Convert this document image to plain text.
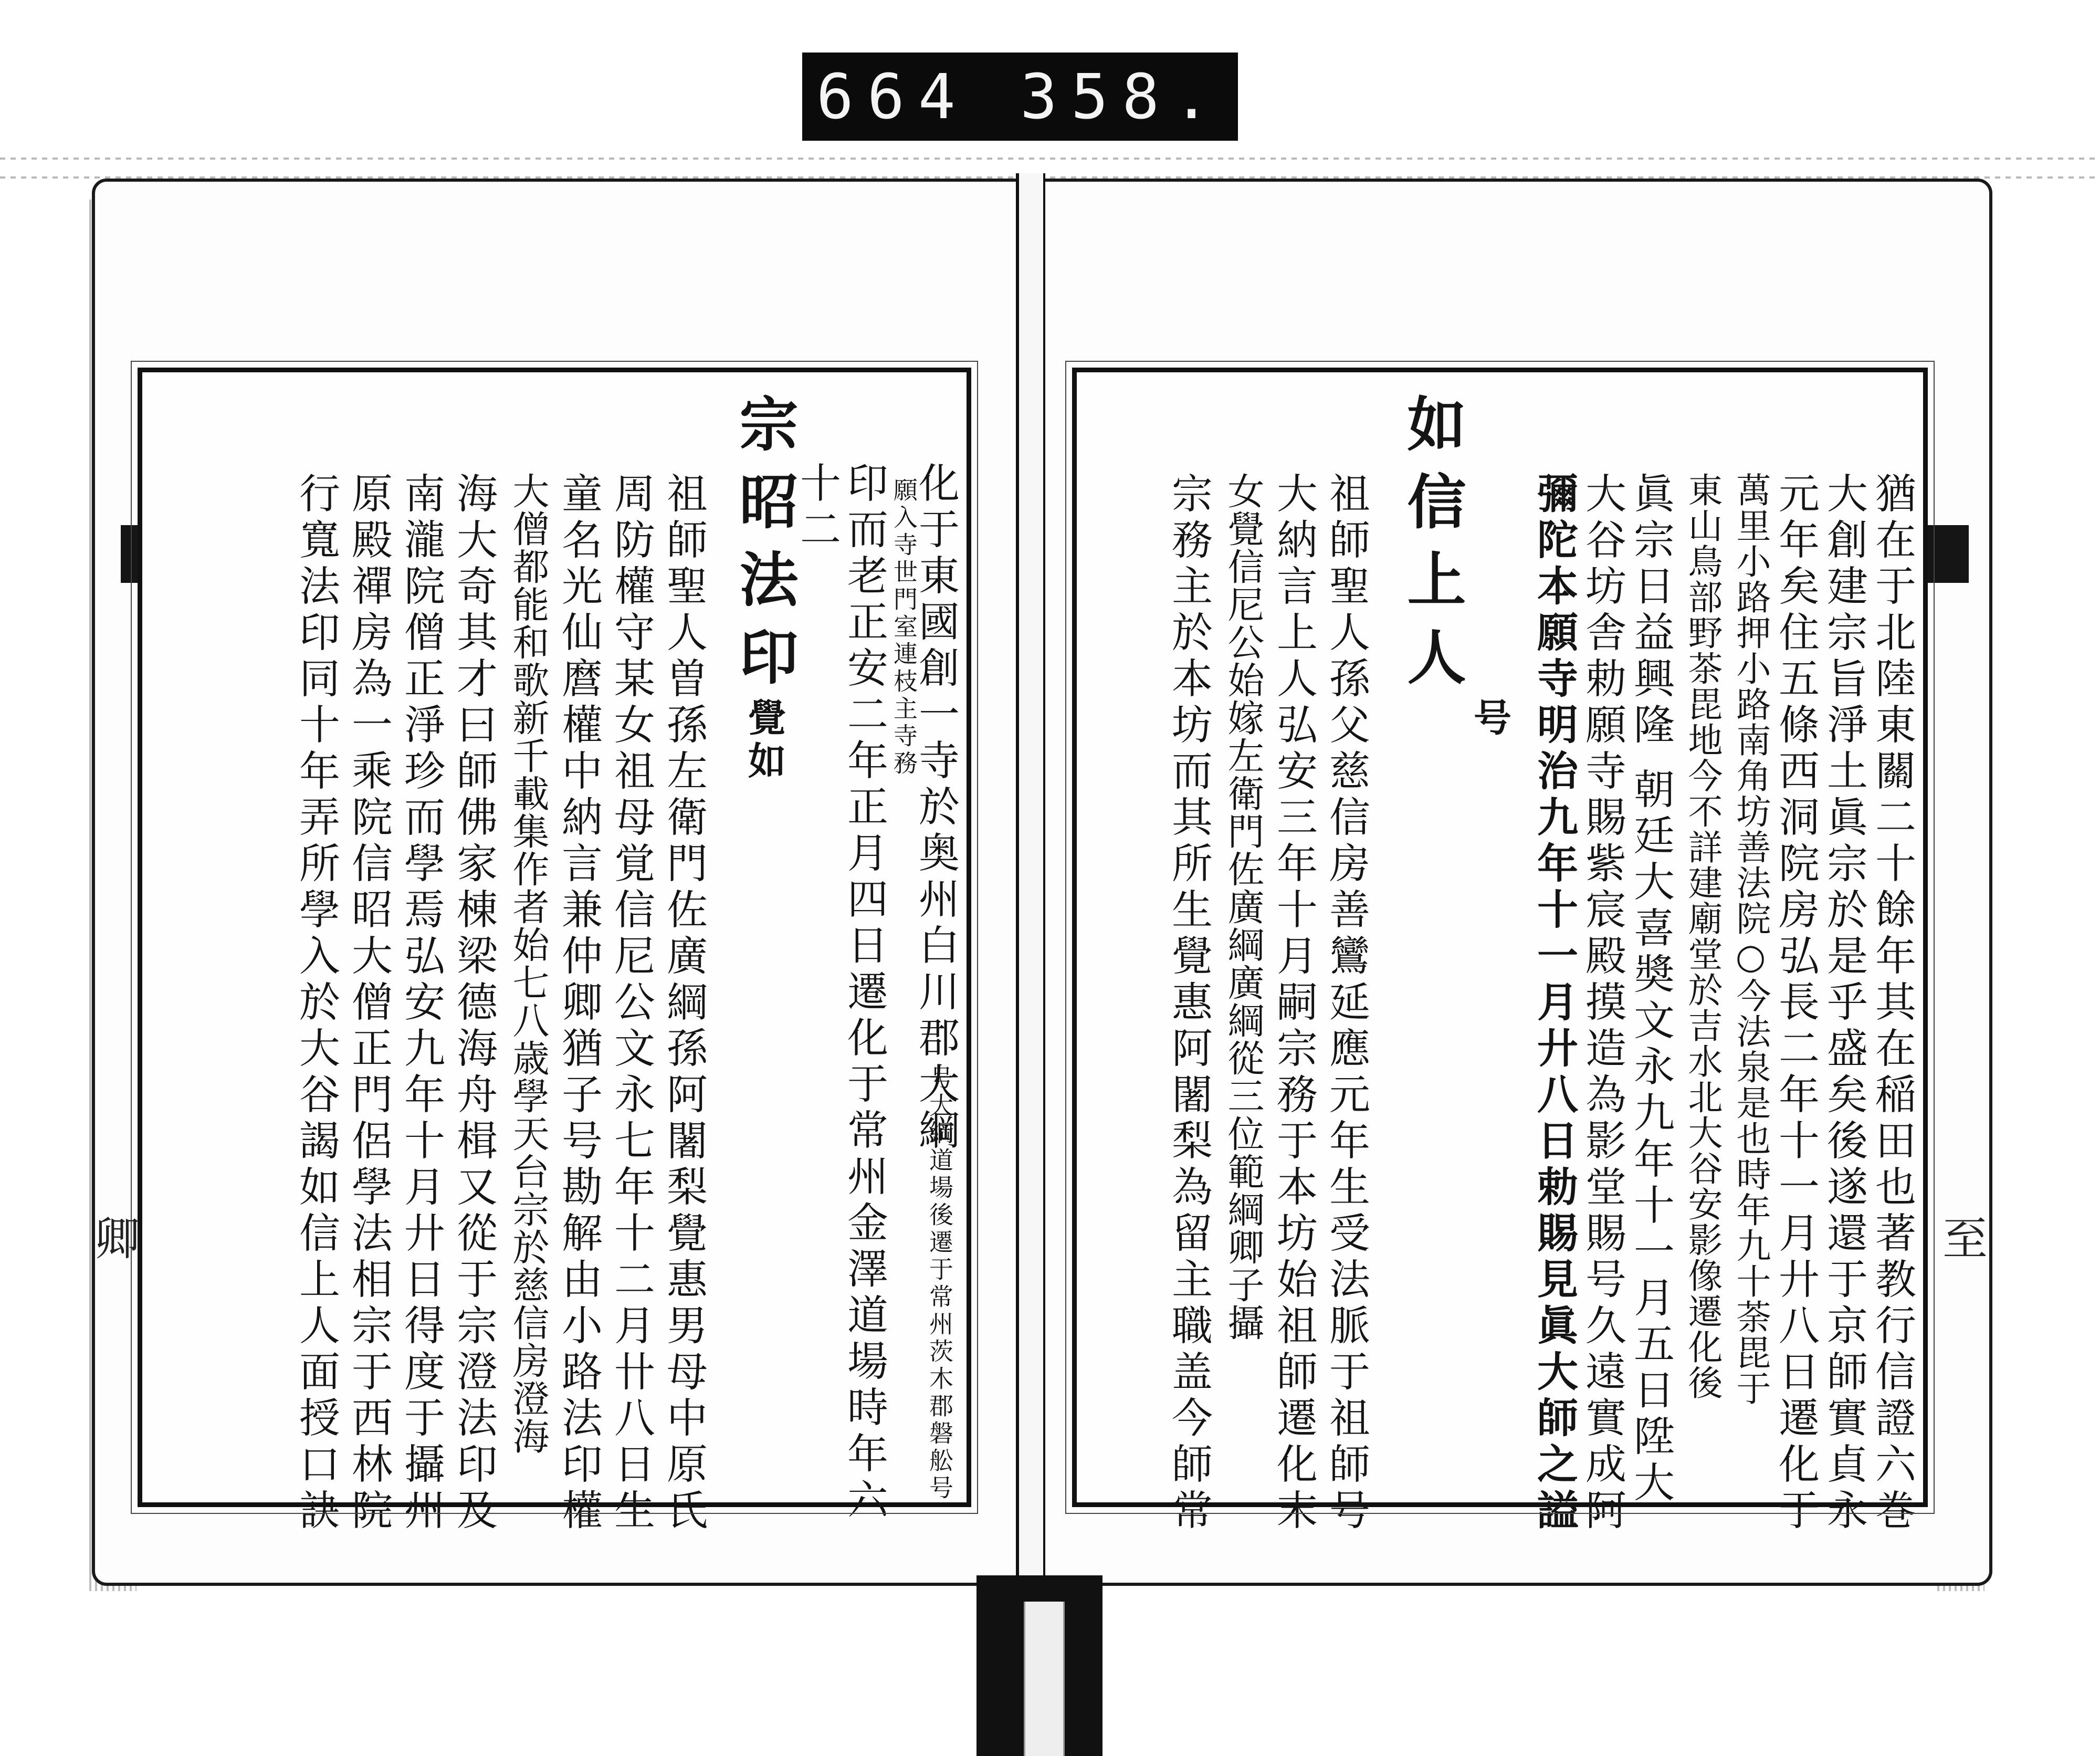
664 358.
化于東國創一寺於奥州白川郡大綱
号大綱道場後遷于常州茨木郡磐舩号
願入寺世門室連枝主寺務
印而老正安二年正月四日遷化于常州金澤道場時年六
十二
宗昭法印
覺如
祖師聖人曽孫左衛門佐廣綱孫阿闍梨覺惠男母中原氏
周防權守某女祖母覚信尼公文永七年十二月卄八日生
童名光仙麿權中納言兼仲卿猶子号勘解由小路法印權
大僧都能和歌新千載集作者始七八歳學天台宗於慈信房澄海
海大奇其才曰師佛家棟梁德海舟楫又從于宗澄法印及
南瀧院僧正淨珍而學焉弘安九年十月廾日得度于攝州
原殿禪房為一乘院信昭大僧正門侶學法相宗于西林院
行寬法印同十年弄所學入於大谷謁如信上人面授口訣
卿	猶在于北陸東關二十餘年其在稲田也著教行信證六巻
大創建宗旨淨土眞宗於是乎盛矣後遂還于京師實貞永
元年矣住五條西洞院房弘長二年十一月廾八日遷化于
萬里小路押小路南角坊善法院○今法泉是也時年九十荼毘于
東山鳥部野茶毘地今不詳建廟堂於吉水北大谷安影像遷化後
眞宗日益興隆 朝廷大喜奬文永九年十一月五日陞大
大谷坊舎勅願寺賜紫宸殿摸造為影堂賜号久遠實成阿
彌陀本願寺明治九年十一月廾八日勅賜見眞大師之謚
号
如信上人
祖師聖人孫父慈信房善鸞延應元年生受法脈于祖師号
大納言上人弘安三年十月嗣宗務于本坊始祖師遷化末
女覺信尼公始嫁左衛門佐廣綱廣綱從三位範綱卿子攝
宗務主於本坊而其所生覺惠阿闍梨為留主職盖今師常	至
